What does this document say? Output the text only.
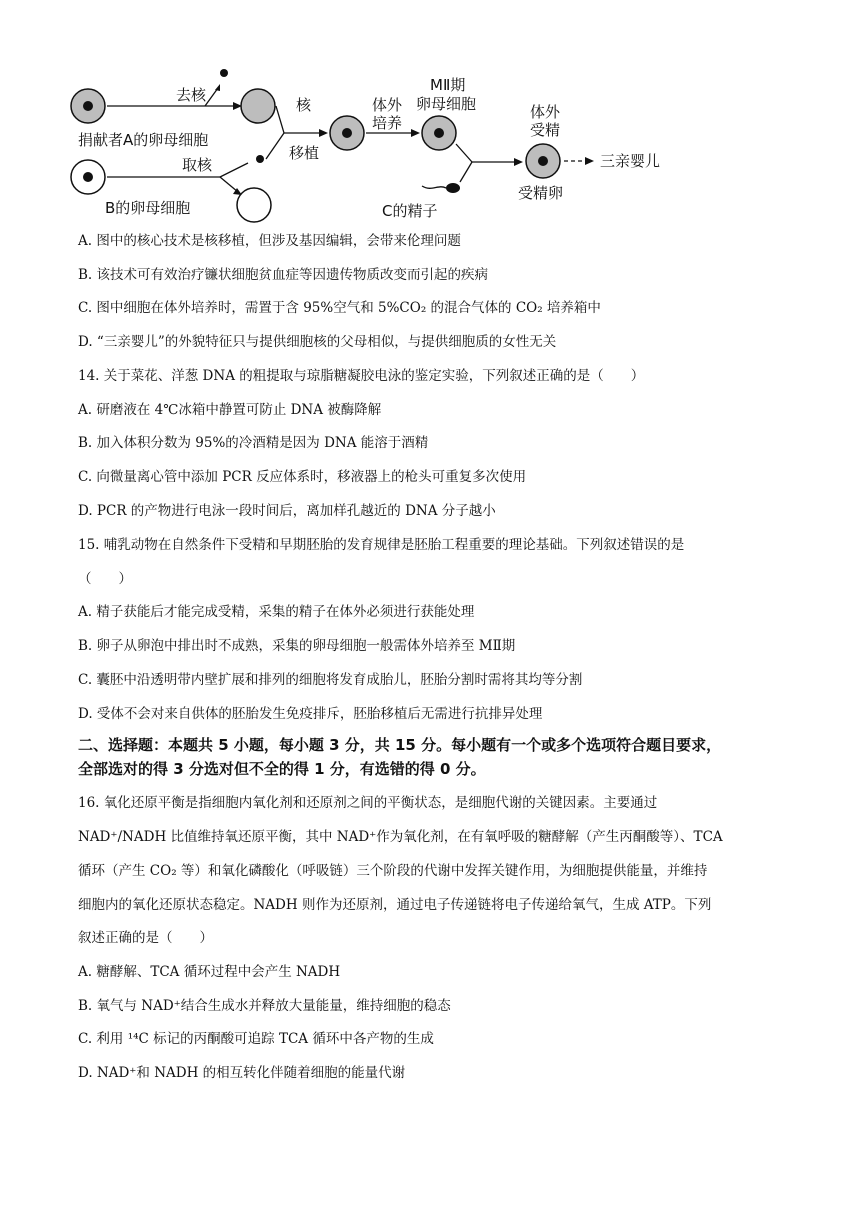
去核
捐献者A的卵母细胞
取核
B的卵母细胞
核
移植
体外
培养
MⅡ期
卵母细胞
C的精子
体外
受精
受精卵
三亲婴儿
A. 图中的核心技术是核移植，但涉及基因编辑，会带来伦理问题
B. 该技术可有效治疗镰状细胞贫血症等因遗传物质改变而引起的疾病
C. 图中细胞在体外培养时，需置于含 95%空气和 5%CO₂ 的混合气体的 CO₂ 培养箱中
D. “三亲婴儿”的外貌特征只与提供细胞核的父母相似，与提供细胞质的女性无关
14. 关于菜花、洋葱 DNA 的粗提取与琼脂糖凝胶电泳的鉴定实验，下列叙述正确的是（　　）
A. 研磨液在 4℃冰箱中静置可防止 DNA 被酶降解
B. 加入体积分数为 95%的冷酒精是因为 DNA 能溶于酒精
C. 向微量离心管中添加 PCR 反应体系时，移液器上的枪头可重复多次使用
D. PCR 的产物进行电泳一段时间后，离加样孔越近的 DNA 分子越小
15. 哺乳动物在自然条件下受精和早期胚胎的发育规律是胚胎工程重要的理论基础。下列叙述错误的是
（　　）
A. 精子获能后才能完成受精，采集的精子在体外必须进行获能处理
B. 卵子从卵泡中排出时不成熟，采集的卵母细胞一般需体外培养至 MⅡ期
C. 囊胚中沿透明带内壁扩展和排列的细胞将发育成胎儿，胚胎分割时需将其均等分割
D. 受体不会对来自供体的胚胎发生免疫排斥，胚胎移植后无需进行抗排异处理
二、选择题：本题共 5 小题，每小题 3 分，共 15 分。每小题有一个或多个选项符合题目要求，
全部选对的得 3 分选对但不全的得 1 分，有选错的得 0 分。
16. 氧化还原平衡是指细胞内氧化剂和还原剂之间的平衡状态，是细胞代谢的关键因素。主要通过
NAD⁺/NADH 比值维持氧还原平衡，其中 NAD⁺作为氧化剂，在有氧呼吸的糖酵解（产生丙酮酸等）、TCA
循环（产生 CO₂ 等）和氧化磷酸化（呼吸链）三个阶段的代谢中发挥关键作用，为细胞提供能量，并维持
细胞内的氧化还原状态稳定。NADH 则作为还原剂，通过电子传递链将电子传递给氧气，生成 ATP。下列
叙述正确的是（　　）
A. 糖酵解、TCA 循环过程中会产生 NADH
B. 氧气与 NAD⁺结合生成水并释放大量能量，维持细胞的稳态
C. 利用 ¹⁴C 标记的丙酮酸可追踪 TCA 循环中各产物的生成
D. NAD⁺和 NADH 的相互转化伴随着细胞的能量代谢
